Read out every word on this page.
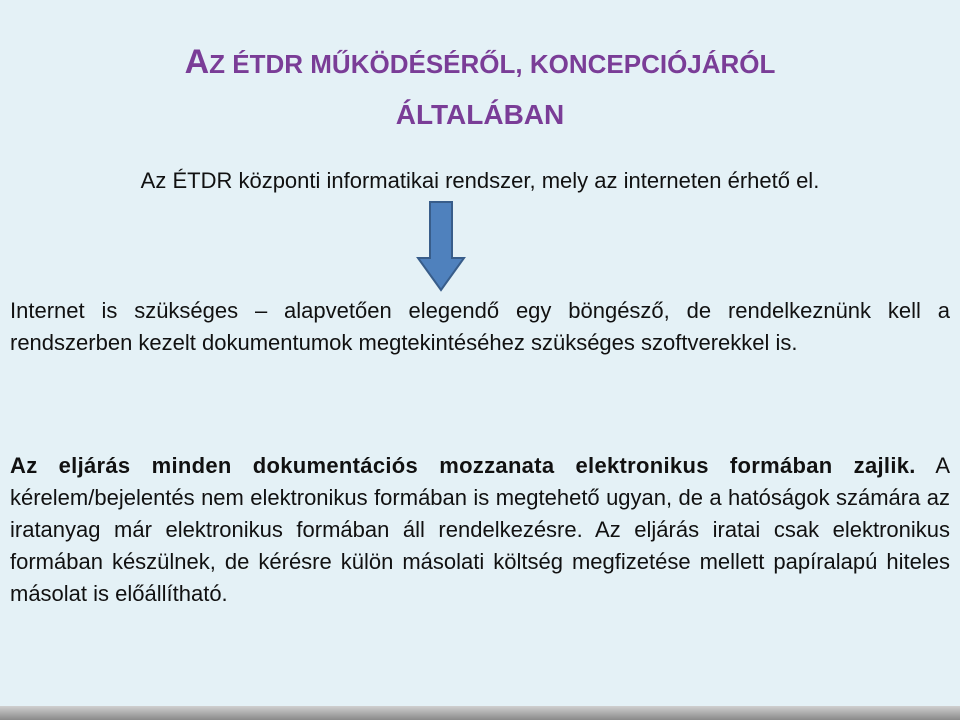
AZ ÉTDR MŰKÖDÉSÉRŐL, KONCEPCIÓJÁRÓL
ÁLTALÁBAN

Az ÉTDR központi informatikai rendszer, mely az interneten érhető el.

Internet is szükséges – alapvetően elegendő egy böngésző, de rendelkeznünk kell a rendszerben kezelt dokumentumok megtekintéséhez szükséges szoftverekkel is.

Az eljárás minden dokumentációs mozzanata elektronikus formában zajlik. A kérelem/bejelentés nem elektronikus formában is megtehető ugyan, de a hatóságok számára az iratanyag már elektronikus formában áll rendelkezésre. Az eljárás iratai csak elektronikus formában készülnek, de kérésre külön másolati költség megfizetése mellett papíralapú hiteles másolat is előállítható.
